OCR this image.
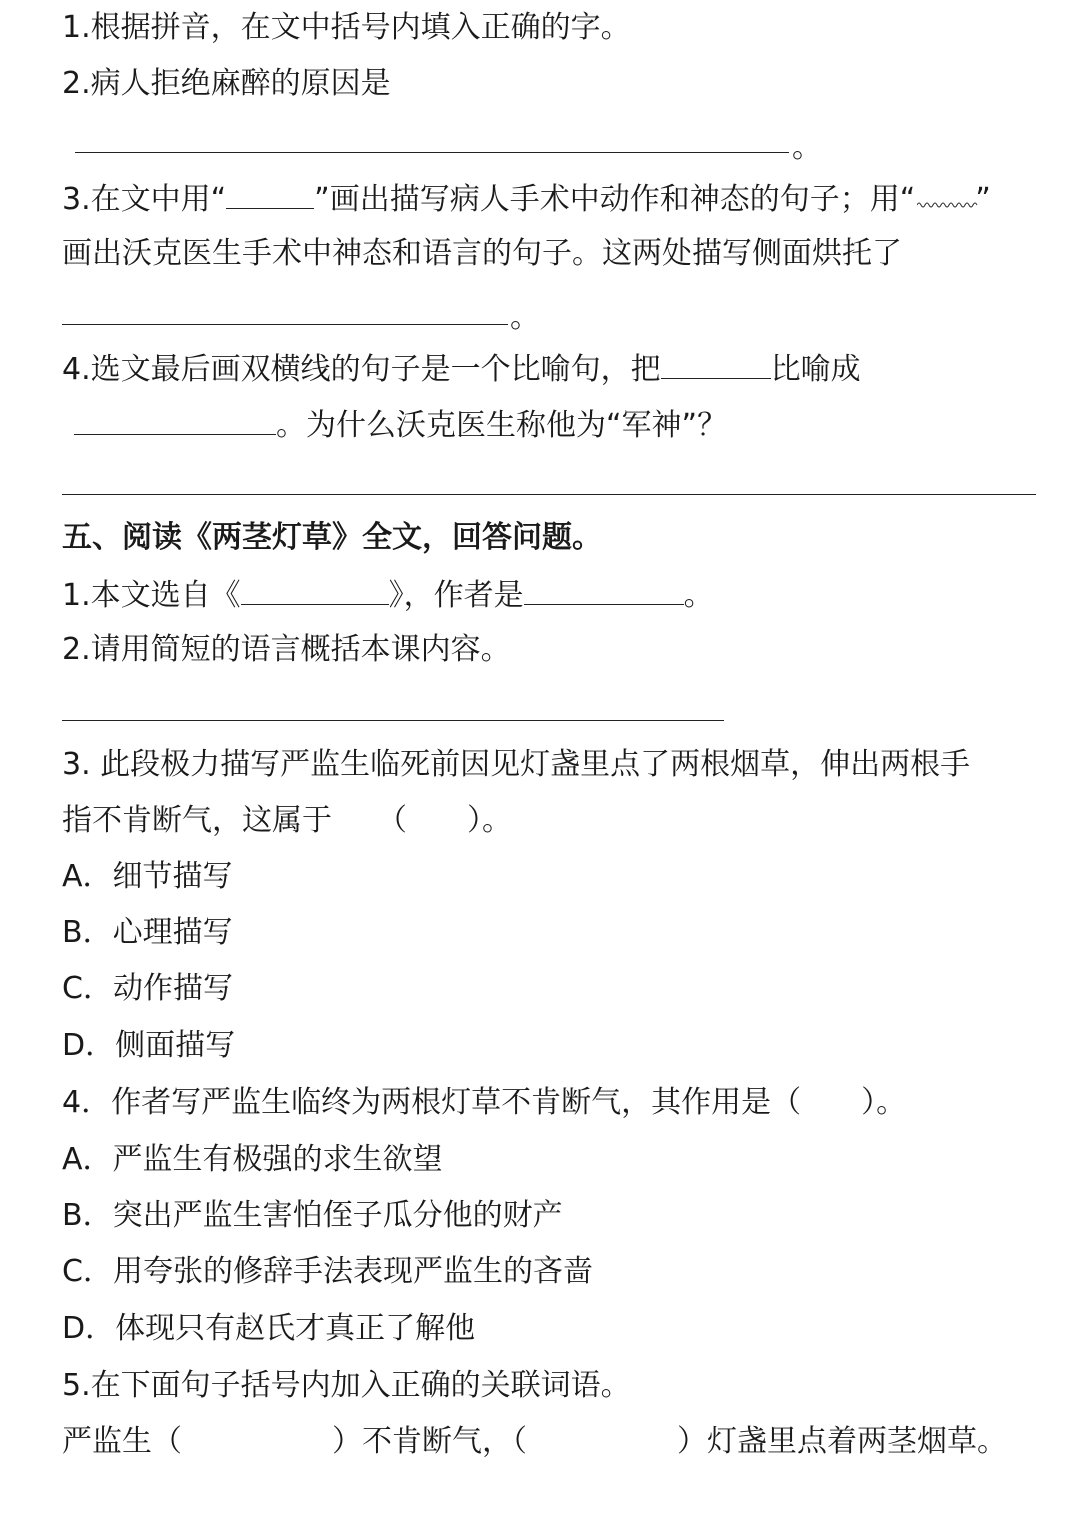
1.根据拼音，在文中括号内填入正确的字。
2.病人拒绝麻醉的原因是
。
3.在文中用“	”画出描写病人手术中动作和神态的句子；用“ ”
画出沃克医生手术中神态和语言的句子。这两处描写侧面烘托了
。
4.选文最后画双横线的句子是一个比喻句，把	比喻成
。为什么沃克医生称他为“军神”？
五、阅读《两茎灯草》全文，回答问题。
1.本文选自《	》，作者是	。
2.请用简短的语言概括本课内容。
3. 此段极力描写严监生临死前因见灯盏里点了两根烟草，伸出两根手
指不肯断气，这属于　　（　　）。
A．细节描写
B．心理描写
C．动作描写
D．侧面描写
4．作者写严监生临终为两根灯草不肯断气，其作用是（　　）。
A．严监生有极强的求生欲望
B．突出严监生害怕侄子瓜分他的财产
C．用夸张的修辞手法表现严监生的吝啬
D．体现只有赵氏才真正了解他
5.在下面句子括号内加入正确的关联词语。
严监生（　　　　　）不肯断气，（　　　　　）灯盏里点着两茎烟草。
